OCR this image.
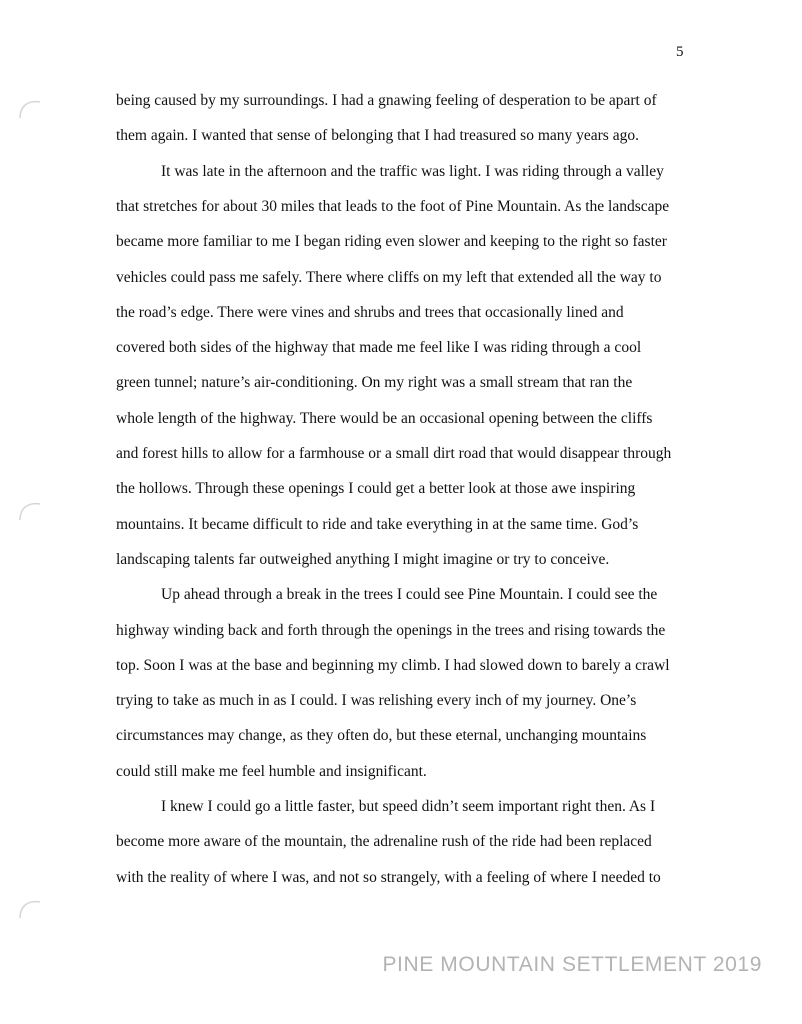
5
being caused by my surroundings. I had a gnawing feeling of desperation to be apart of
them again. I wanted that sense of belonging that I had treasured so many years ago.
It was late in the afternoon and the traffic was light. I was riding through a valley
that stretches for about 30 miles that leads to the foot of Pine Mountain. As the landscape
became more familiar to me I began riding even slower and keeping to the right so faster
vehicles could pass me safely. There where cliffs on my left that extended all the way to
the road’s edge. There were vines and shrubs and trees that occasionally lined and
covered both sides of the highway that made me feel like I was riding through a cool
green tunnel; nature’s air-conditioning. On my right was a small stream that ran the
whole length of the highway. There would be an occasional opening between the cliffs
and forest hills to allow for a farmhouse or a small dirt road that would disappear through
the hollows. Through these openings I could get a better look at those awe inspiring
mountains. It became difficult to ride and take everything in at the same time. God’s
landscaping talents far outweighed anything I might imagine or try to conceive.
Up ahead through a break in the trees I could see Pine Mountain. I could see the
highway winding back and forth through the openings in the trees and rising towards the
top. Soon I was at the base and beginning my climb. I had slowed down to barely a crawl
trying to take as much in as I could. I was relishing every inch of my journey. One’s
circumstances may change, as they often do, but these eternal, unchanging mountains
could still make me feel humble and insignificant.
I knew I could go a little faster, but speed didn’t seem important right then. As I
become more aware of the mountain, the adrenaline rush of the ride had been replaced
with the reality of where I was, and not so strangely, with a feeling of where I needed to
PINE MOUNTAIN SETTLEMENT 2019
